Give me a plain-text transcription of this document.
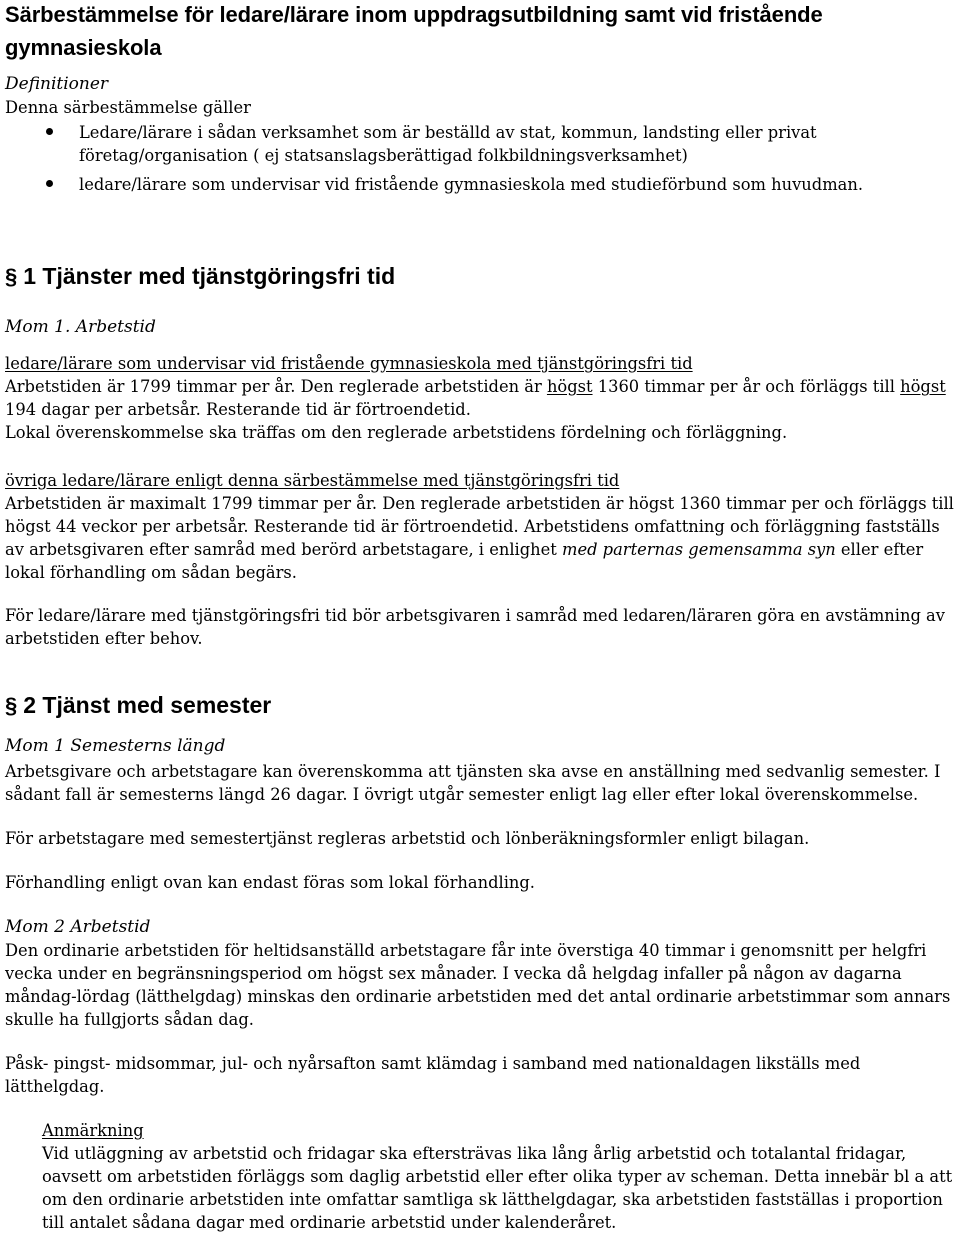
Särbestämmelse för ledare/lärare inom uppdragsutbildning samt vid fristående gymnasieskola
Definitioner
Denna särbestämmelse gäller
Ledare/lärare i sådan verksamhet som är beställd av stat, kommun, landsting eller privat företag/organisation ( ej statsanslagsberättigad folkbildningsverksamhet)
ledare/lärare som undervisar vid fristående gymnasieskola med studieförbund som huvudman.
§ 1 Tjänster med tjänstgöringsfri tid
Mom 1. Arbetstid
ledare/lärare som undervisar vid fristående gymnasieskola med tjänstgöringsfri tid

Arbetstiden är 1799 timmar per år. Den reglerade arbetstiden är högst 1360 timmar per år och förläggs till högst 194 dagar per arbetsår. Resterande tid är förtroendetid.

Lokal överenskommelse ska träffas om den reglerade arbetstidens fördelning och förläggning.
övriga ledare/lärare enligt denna särbestämmelse med tjänstgöringsfri tid

Arbetstiden är maximalt 1799 timmar per år. Den reglerade arbetstiden är högst 1360 timmar per och förläggs till högst 44 veckor per arbetsår. Resterande tid är förtroendetid. Arbetstidens omfattning och förläggning fastställs av arbetsgivaren efter samråd med berörd arbetstagare, i enlighet med parternas gemensamma syn eller efter lokal förhandling om sådan begärs.

För ledare/lärare med tjänstgöringsfri tid bör arbetsgivaren i samråd med ledaren/läraren göra en avstämning av arbetstiden efter behov.
§ 2 Tjänst med semester
Mom 1 Semesterns längd
Arbetsgivare och arbetstagare kan överenskomma att tjänsten ska avse en anställning med sedvanlig semester. I sådant fall är semesterns längd 26 dagar. I övrigt utgår semester enligt lag eller efter lokal överenskommelse.
För arbetstagare med semestertjänst regleras arbetstid och lönberäkningsformler enligt bilagan.
Förhandling enligt ovan kan endast föras som lokal förhandling.
Mom 2 Arbetstid
Den ordinarie arbetstiden för heltidsanställd arbetstagare får inte överstiga 40 timmar i genomsnitt per helgfri vecka under en begränsningsperiod om högst sex månader. I vecka då helgdag infaller på någon av dagarna måndag-lördag (lätthelgdag) minskas den ordinarie arbetstiden med det antal ordinarie arbetstimmar som annars skulle ha fullgjorts sådan dag.
Påsk- pingst- midsommar, jul- och nyårsafton samt klämdag i samband med nationaldagen likställs med lätthelgdag.
Anmärkning
Vid utläggning av arbetstid och fridagar ska eftersträvas lika lång årlig arbetstid och totalantal fridagar, oavsett om arbetstiden förläggs som daglig arbetstid eller efter olika typer av scheman. Detta innebär bl a att om den ordinarie arbetstiden inte omfattar samtliga sk lätthelgdagar, ska arbetstiden fastställas i proportion till antalet sådana dagar med ordinarie arbetstid under kalenderåret.
